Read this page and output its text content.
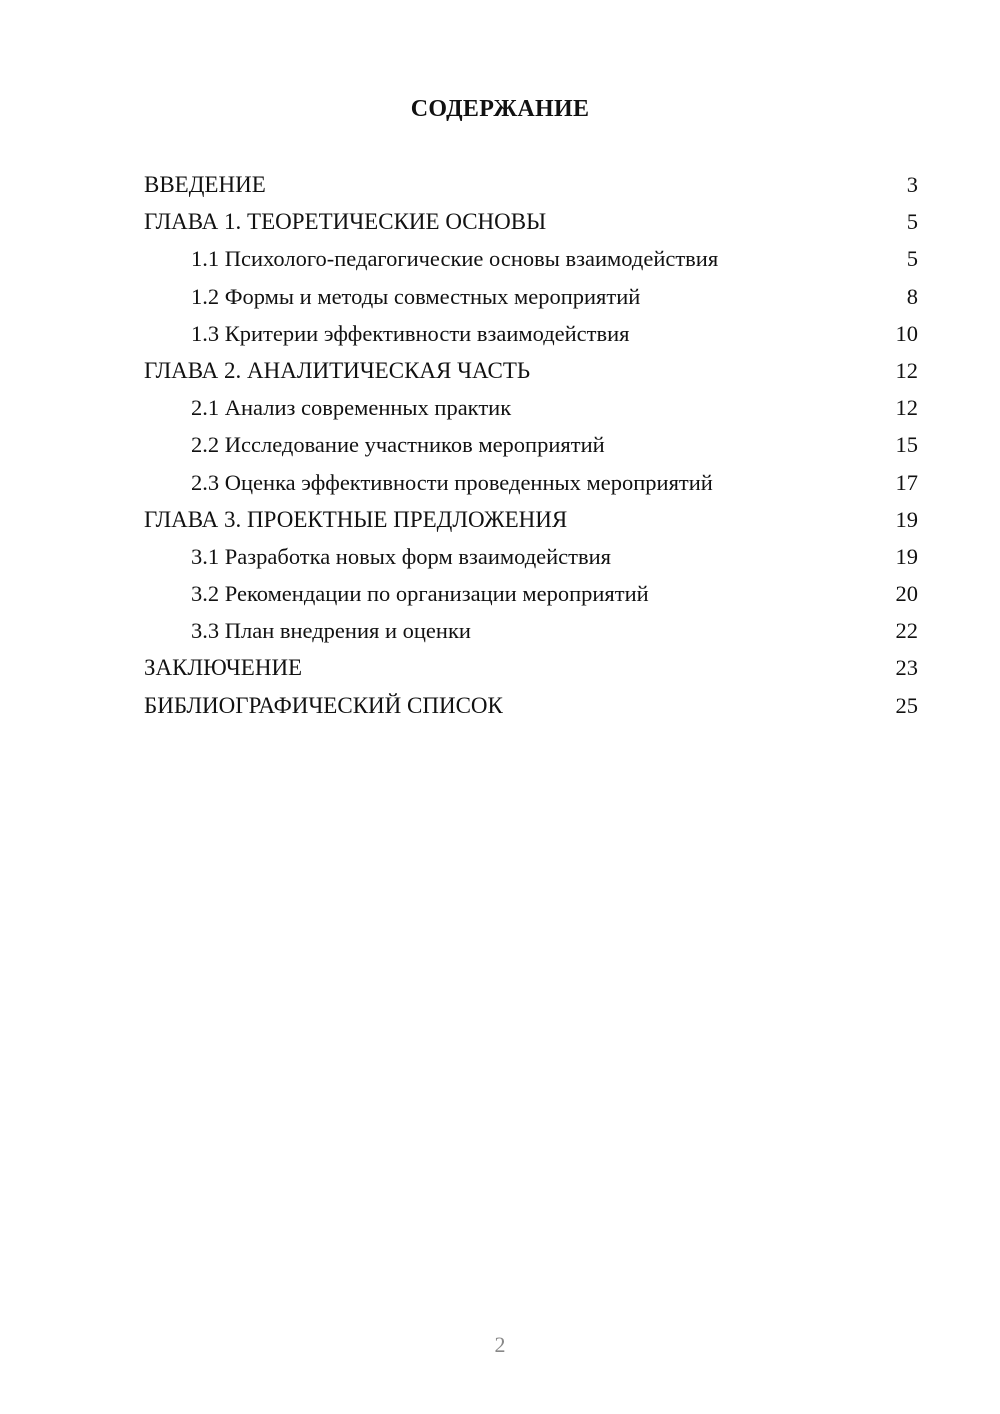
СОДЕРЖАНИЕ
ВВЕДЕНИЕ	3
ГЛАВА 1. ТЕОРЕТИЧЕСКИЕ ОСНОВЫ	5
1.1 Психолого-педагогические основы взаимодействия	5
1.2 Формы и методы совместных мероприятий	8
1.3 Критерии эффективности взаимодействия	10
ГЛАВА 2. АНАЛИТИЧЕСКАЯ ЧАСТЬ	12
2.1 Анализ современных практик	12
2.2 Исследование участников мероприятий	15
2.3 Оценка эффективности проведенных мероприятий	17
ГЛАВА 3. ПРОЕКТНЫЕ ПРЕДЛОЖЕНИЯ	19
3.1 Разработка новых форм взаимодействия	19
3.2 Рекомендации по организации мероприятий	20
3.3 План внедрения и оценки	22
ЗАКЛЮЧЕНИЕ	23
БИБЛИОГРАФИЧЕСКИЙ СПИСОК	25
2
